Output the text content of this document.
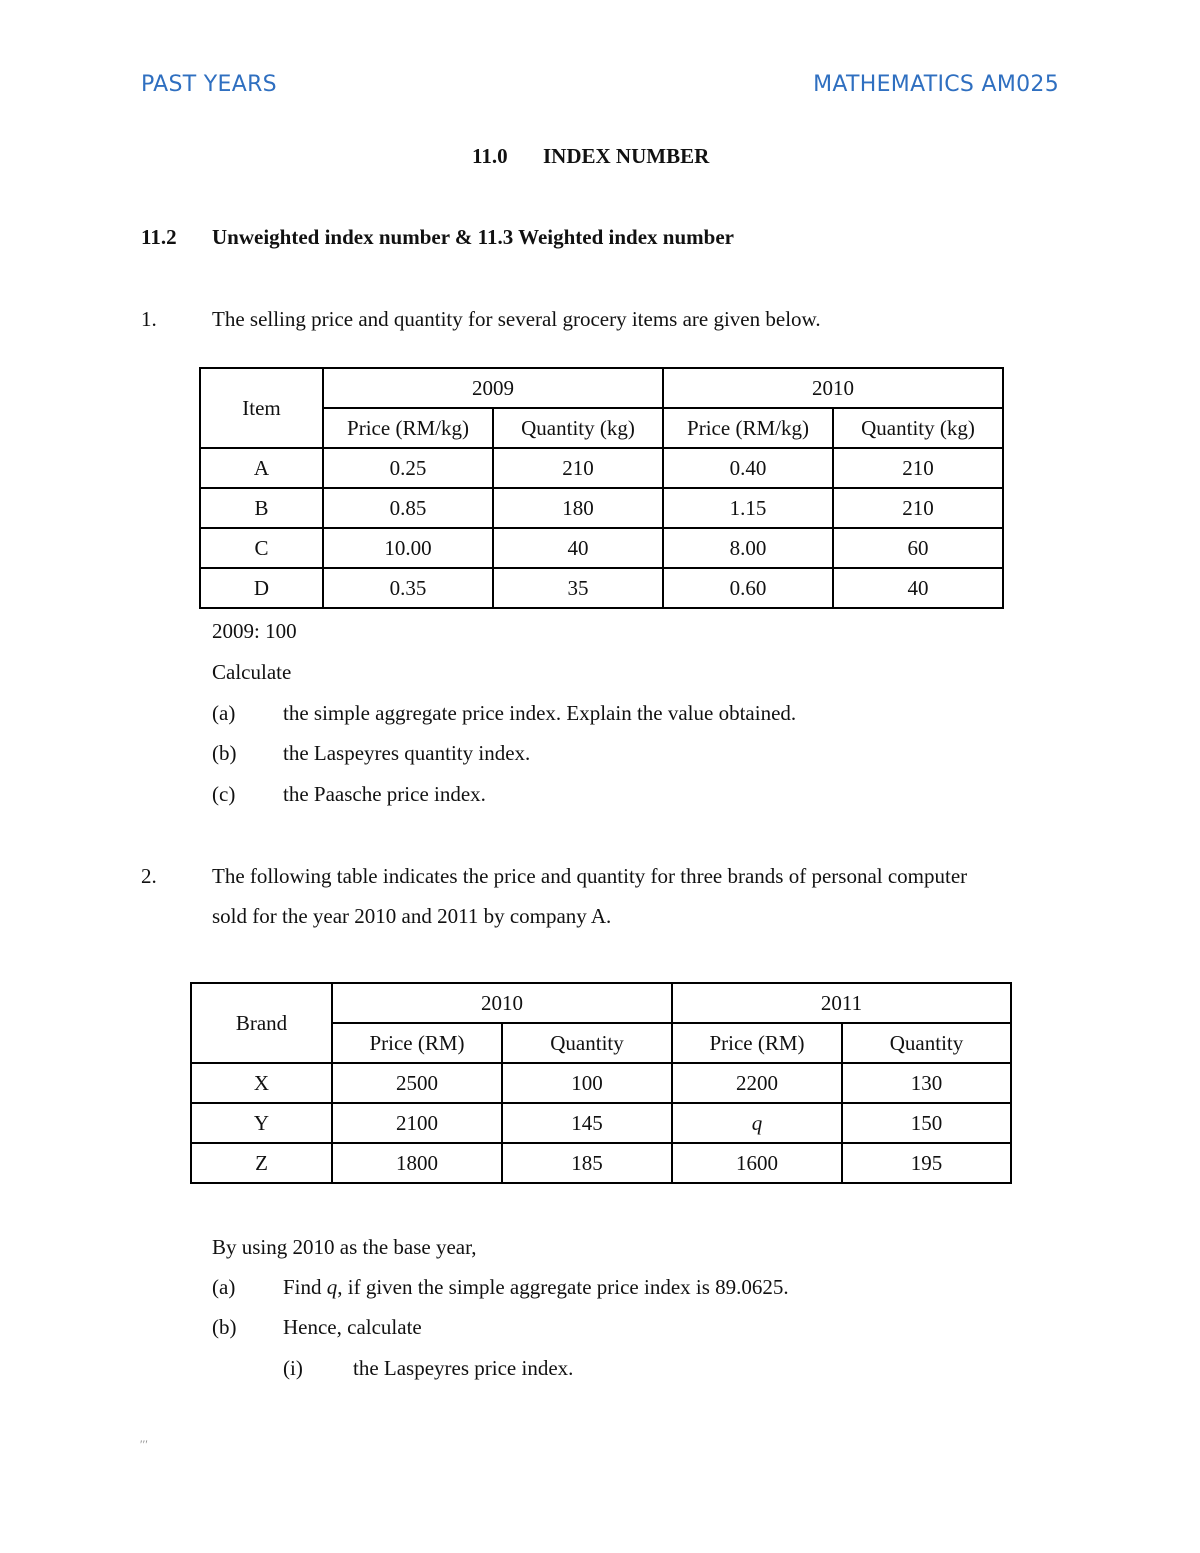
PAST YEARS	MATHEMATICS AM025
11.0 INDEX NUMBER
11.2 Unweighted index number & 11.3 Weighted index number
1.	The selling price and quantity for several grocery items are given below.
Item	2009		2010	
	Price (RM/kg)	Quantity (kg)	Price (RM/kg)	Quantity (kg)
A	0.25	210	0.40	210
B	0.85	180	1.15	210
C	10.00	40	8.00	60
D	0.35	35	0.60	40
2009: 100
Calculate
(a) the simple aggregate price index. Explain the value obtained.
(b) the Laspeyres quantity index.
(c) the Paasche price index.
2.	The following table indicates the price and quantity for three brands of personal computer
sold for the year 2010 and 2011 by company A.
Brand	2010		2011	
	Price (RM)	Quantity	Price (RM)	Quantity
X	2500	100	2200	130
Y	2100	145	q	150
Z	1800	185	1600	195
By using 2010 as the base year,
(a) Find q, if given the simple aggregate price index is 89.0625.
(b) Hence, calculate
(i) the Laspeyres price index.
′′′
